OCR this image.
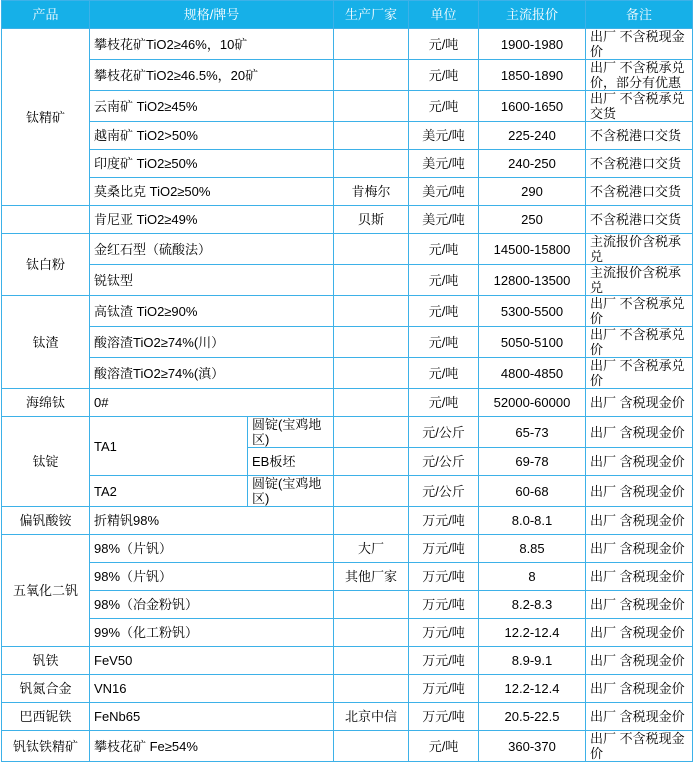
产品	规格/牌号		生产厂家	单位	主流报价	备注
钛精矿	攀枝花矿TiO2≥46%，10矿			元/吨	1900-1980	出厂 不含税现金价
	攀枝花矿TiO2≥46.5%，20矿			元/吨	1850-1890	出厂 不含税承兑价，部分有优惠
	云南矿 TiO2≥45%			元/吨	1600-1650	出厂 不含税承兑交货
	越南矿 TiO2>50%			美元/吨	225-240	不含税港口交货
	印度矿 TiO2≥50%			美元/吨	240-250	不含税港口交货
	莫桑比克 TiO2≥50%		肯梅尔	美元/吨	290	不含税港口交货
	肯尼亚 TiO2≥49%		贝斯	美元/吨	250	不含税港口交货
钛白粉	金红石型（硫酸法）			元/吨	14500-15800	主流报价含税承兑
	锐钛型			元/吨	12800-13500	主流报价含税承兑
钛渣	高钛渣 TiO2≥90%			元/吨	5300-5500	出厂 不含税承兑价
	酸溶渣TiO2≥74%(川）			元/吨	5050-5100	出厂 不含税承兑价
	酸溶渣TiO2≥74%(滇）			元/吨	4800-4850	出厂 不含税承兑价
海绵钛	0#			元/吨	52000-60000	出厂 含税现金价
钛锭	TA1	圆锭(宝鸡地区)		元/公斤	65-73	出厂 含税现金价
		EB板坯		元/公斤	69-78	出厂 含税现金价
	TA2	圆锭(宝鸡地区)		元/公斤	60-68	出厂 含税现金价
偏钒酸铵	折精钒98%			万元/吨	8.0-8.1	出厂 含税现金价
五氧化二钒	98%（片钒）		大厂	万元/吨	8.85	出厂 含税现金价
	98%（片钒）		其他厂家	万元/吨	8	出厂 含税现金价
	98%（冶金粉钒）			万元/吨	8.2-8.3	出厂 含税现金价
	99%（化工粉钒）			万元/吨	12.2-12.4	出厂 含税现金价
钒铁	FeV50			万元/吨	8.9-9.1	出厂 含税现金价
钒氮合金	VN16			万元/吨	12.2-12.4	出厂 含税现金价
巴西铌铁	FeNb65		北京中信	万元/吨	20.5-22.5	出厂 含税现金价
钒钛铁精矿	攀枝花矿 Fe≥54%			元/吨	360-370	出厂 不含税现金价
